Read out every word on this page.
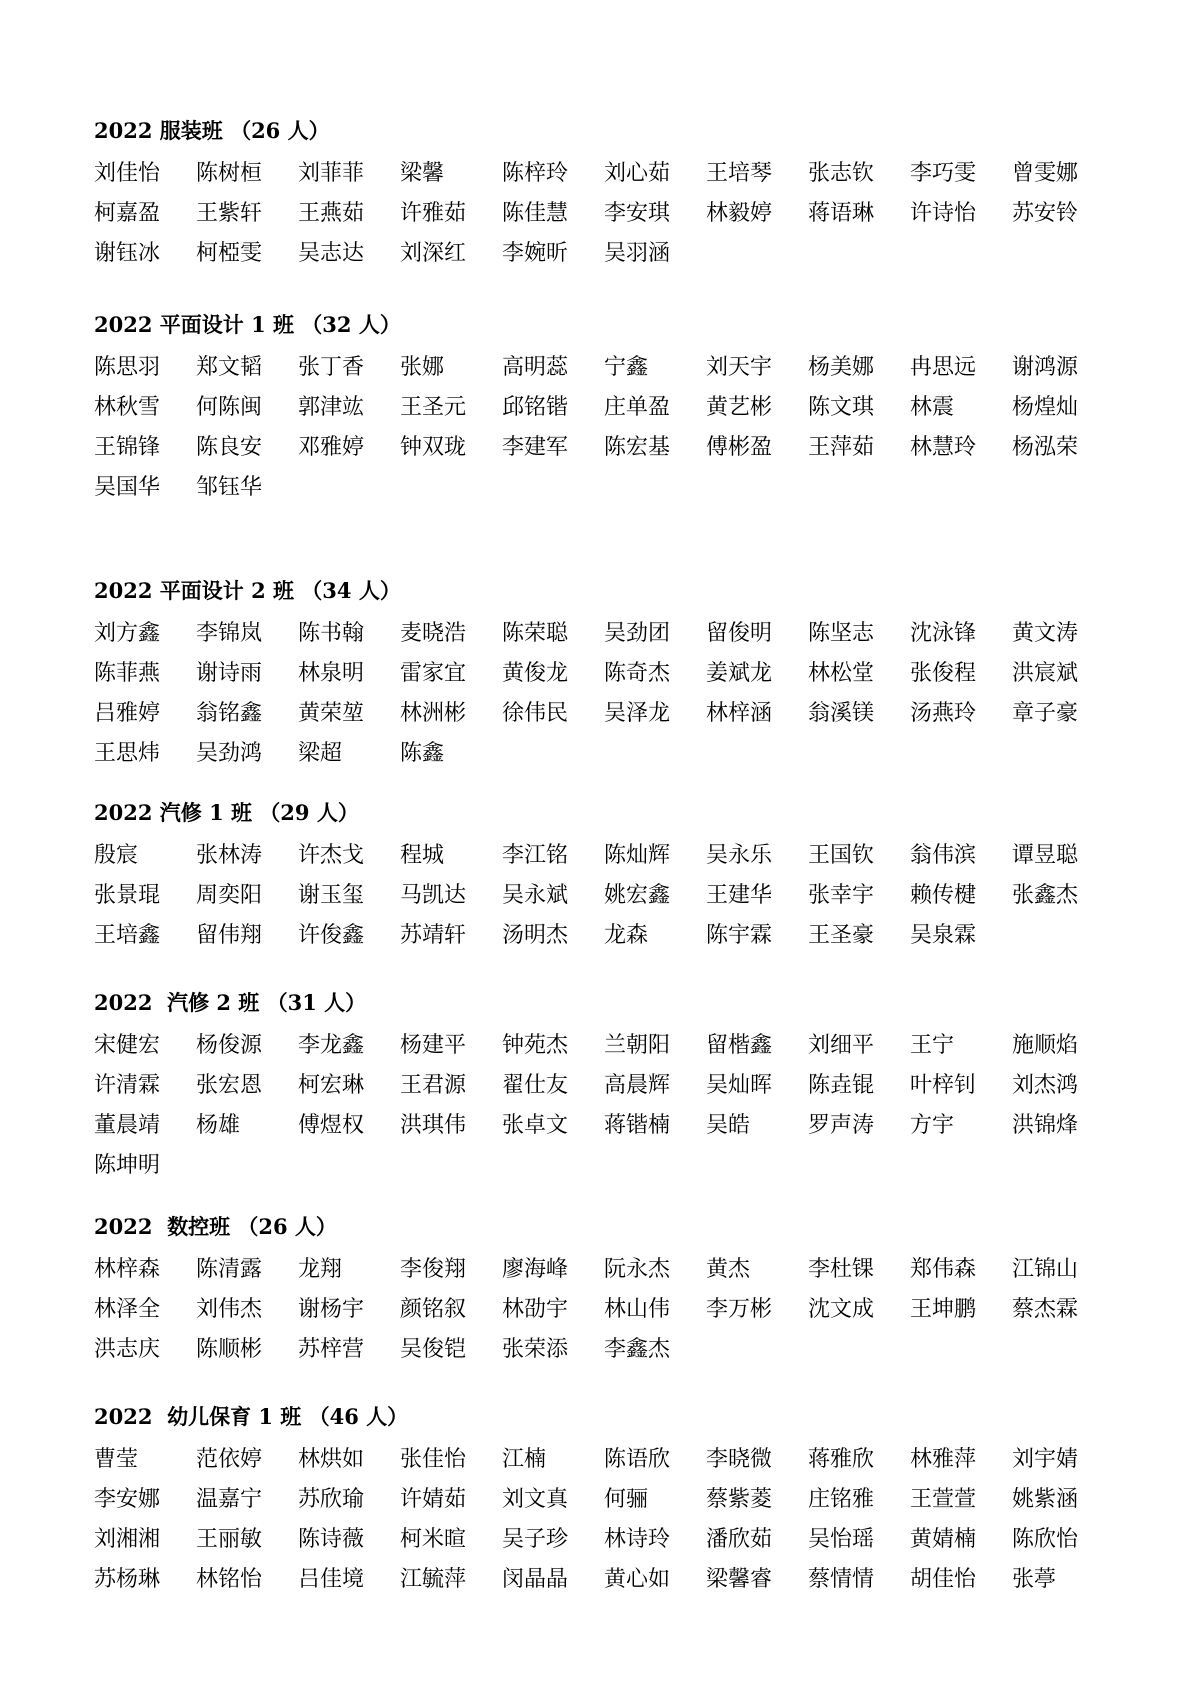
2022 服装班 （26 人）
刘佳怡	陈树桓	刘菲菲	梁馨	陈梓玲	刘心茹	王培琴	张志钦	李巧雯	曾雯娜
柯嘉盈	王紫轩	王燕茹	许雅茹	陈佳慧	李安琪	林毅婷	蒋语琳	许诗怡	苏安铃
谢钰冰	柯椏雯	吴志达	刘深红	李婉昕	吴羽涵
2022 平面设计 1 班 （32 人）
陈思羽	郑文韬	张丁香	张娜	高明蕊	宁鑫	刘天宇	杨美娜	冉思远	谢鸿源
林秋雪	何陈闽	郭津竑	王圣元	邱铭锴	庄单盈	黄艺彬	陈文琪	林震	杨煌灿
王锦锋	陈良安	邓雅婷	钟双珑	李建军	陈宏基	傅彬盈	王萍茹	林慧玲	杨泓荣
吴国华	邹钰华
2022 平面设计 2 班 （34 人）
刘方鑫	李锦岚	陈书翰	麦晓浩	陈荣聪	吴劲团	留俊明	陈坚志	沈泳锋	黄文涛
陈菲燕	谢诗雨	林泉明	雷家宜	黄俊龙	陈奇杰	姜斌龙	林松堂	张俊程	洪宸斌
吕雅婷	翁铭鑫	黄荣堃	林洲彬	徐伟民	吴泽龙	林梓涵	翁溪镁	汤燕玲	章子豪
王思炜	吴劲鸿	梁超	陈鑫
2022 汽修 1 班 （29 人）
殷宸	张林涛	许杰戈	程城	李江铭	陈灿辉	吴永乐	王国钦	翁伟滨	谭昱聪
张景琨	周奕阳	谢玉玺	马凯达	吴永斌	姚宏鑫	王建华	张幸宇	赖传楗	张鑫杰
王培鑫	留伟翔	许俊鑫	苏靖轩	汤明杰	龙森	陈宇霖	王圣豪	吴泉霖
2022  汽修 2 班 （31 人）
宋健宏	杨俊源	李龙鑫	杨建平	钟苑杰	兰朝阳	留楷鑫	刘细平	王宁	施顺焰
许清霖	张宏恩	柯宏琳	王君源	翟仕友	高晨辉	吴灿晖	陈垚锟	叶梓钊	刘杰鸿
董晨靖	杨雄	傅煜权	洪琪伟	张卓文	蒋锴楠	吴皓	罗声涛	方宇	洪锦烽
陈坤明
2022  数控班 （26 人）
林梓森	陈清露	龙翔	李俊翔	廖海峰	阮永杰	黄杰	李杜锞	郑伟森	江锦山
林泽全	刘伟杰	谢杨宇	颜铭叙	林劭宇	林山伟	李万彬	沈文成	王坤鹏	蔡杰霖
洪志庆	陈顺彬	苏梓营	吴俊铠	张荣添	李鑫杰
2022  幼儿保育 1 班 （46 人）
曹莹	范依婷	林烘如	张佳怡	江楠	陈语欣	李晓微	蒋雅欣	林雅萍	刘宇婧
李安娜	温嘉宁	苏欣瑜	许婧茹	刘文真	何骊	蔡紫菱	庄铭雅	王萱萱	姚紫涵
刘湘湘	王丽敏	陈诗薇	柯米暄	吴子珍	林诗玲	潘欣茹	吴怡瑶	黄婧楠	陈欣怡
苏杨琳	林铭怡	吕佳境	江毓萍	闵晶晶	黄心如	梁馨睿	蔡情情	胡佳怡	张葶
